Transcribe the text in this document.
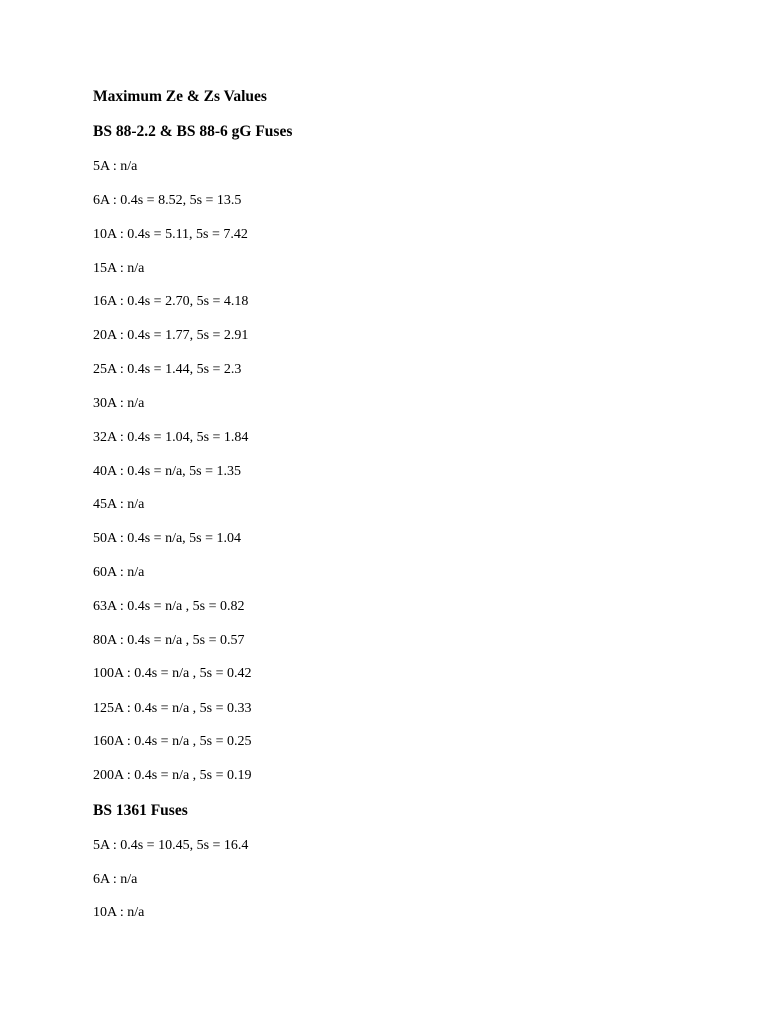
Maximum Ze & Zs Values
BS 88-2.2 & BS 88-6 gG Fuses
5A : n/a
6A : 0.4s = 8.52, 5s = 13.5
10A : 0.4s = 5.11, 5s = 7.42
15A : n/a
16A : 0.4s = 2.70, 5s = 4.18
20A : 0.4s = 1.77, 5s = 2.91
25A : 0.4s = 1.44, 5s = 2.3
30A : n/a
32A : 0.4s = 1.04, 5s = 1.84
40A : 0.4s = n/a, 5s = 1.35
45A : n/a
50A : 0.4s = n/a, 5s = 1.04
60A : n/a
63A : 0.4s = n/a , 5s = 0.82
80A : 0.4s = n/a , 5s = 0.57
100A : 0.4s = n/a , 5s = 0.42
125A : 0.4s = n/a , 5s = 0.33
160A : 0.4s = n/a , 5s = 0.25
200A : 0.4s = n/a , 5s = 0.19
BS 1361 Fuses
5A : 0.4s = 10.45, 5s = 16.4
6A : n/a
10A : n/a
